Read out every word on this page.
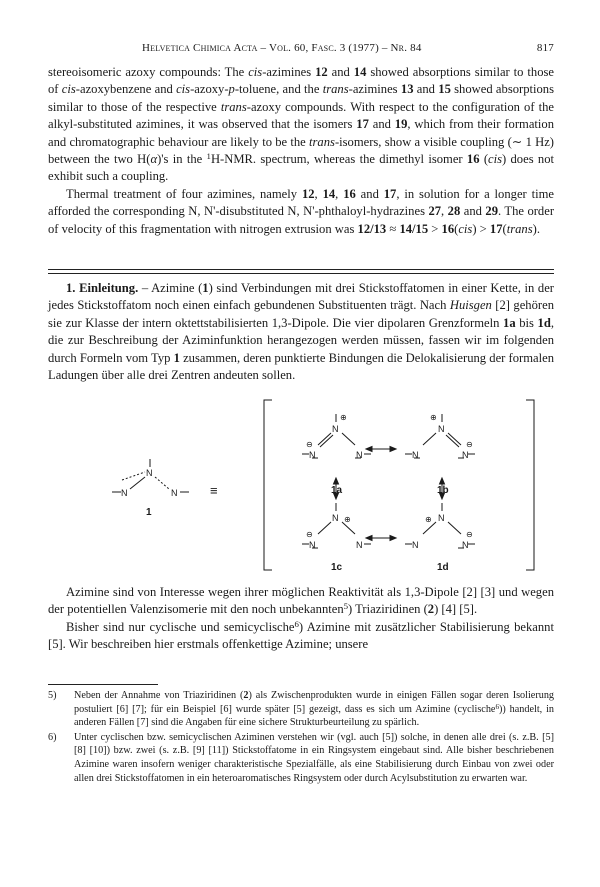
Helvetica Chimica Acta – Vol. 60, Fasc. 3 (1977) – Nr. 84	817

stereoisomeric azoxy compounds: The cis-azimines 12 and 14 showed absorptions similar to those of cis-azoxybenzene and cis-azoxy-p-toluene, and the trans-azimines 13 and 15 showed absorptions similar to those of the respective trans-azoxy compounds. With respect to the configuration of the alkyl-substituted azimines, it was observed that the isomers 17 and 19, which from their formation and chromatographic behaviour are likely to be the trans-isomers, show a visible coupling (∼ 1 Hz) between the two H(α)'s in the $^1$H-NMR. spectrum, whereas the dimethyl isomer 16 (cis) does not exhibit such a coupling.

Thermal treatment of four azimines, namely 12, 14, 16 and 17, in solution for a longer time afforded the corresponding N, N'-disubstituted N, N'-phthaloyl-hydrazines 27, 28 and 29. The order of velocity of this fragmentation with nitrogen extrusion was 12/13 ≈ 14/15 > 16(cis) > 17(trans).

1. Einleitung. – Azimine (1) sind Verbindungen mit drei Stickstoffatomen in einer Kette, in der jedes Stickstoffatom noch einen einfach gebundenen Substituenten trägt. Nach Huisgen [2] gehören sie zur Klasse der intern oktettstabilisierten 1,3-Dipole. Die vier dipolaren Grenzformeln 1a bis 1d, die zur Beschreibung der Aziminfunktion herangezogen werden müssen, fassen wir im folgenden durch Formeln vom Typ 1 zusammen, deren punktierte Bindungen die Delokalisierung der formalen Ladungen über alle drei Zentren andeuten sollen.

N
N
N
1
≡
N
N
N
⊕
⊖
1a
N
N
N
⊕
⊖
1b
N
N
N
⊖
⊕
1c
N
N
N
⊕
⊖
1d

Azimine sind von Interesse wegen ihrer möglichen Reaktivität als 1,3-Dipole [2] [3] und wegen der potentiellen Valenzisomerie mit den noch unbekannten$^5$) Triaziridinen (2) [4] [5].

Bisher sind nur cyclische und semicyclische$^6$) Azimine mit zusätzlicher Stabilisierung bekannt [5]. Wir beschreiben hier erstmals offenkettige Azimine; unsere

5) Neben der Annahme von Triaziridinen (2) als Zwischenprodukten wurde in einigen Fällen sogar deren Isolierung postuliert [6] [7]; für ein Beispiel [6] wurde später [5] gezeigt, dass es sich um Azimine (cyclische$^6$)) handelt, in anderen Fällen [7] sind die Angaben für eine sichere Strukturbeurteilung zu spärlich.
6) Unter cyclischen bzw. semicyclischen Aziminen verstehen wir (vgl. auch [5]) solche, in denen alle drei (s. z.B. [5] [8] [10]) bzw. zwei (s. z.B. [9] [11]) Stickstoffatome in ein Ringsystem eingebaut sind. Alle bisher beschriebenen Azimine waren insofern weniger charakteristische Spezialfälle, als eine Stabilisierung durch Einbau von zwei oder allen drei Stickstoffatomen in ein heteroaromatisches Ringsystem oder durch Acylsubstitution zu erwarten war.
